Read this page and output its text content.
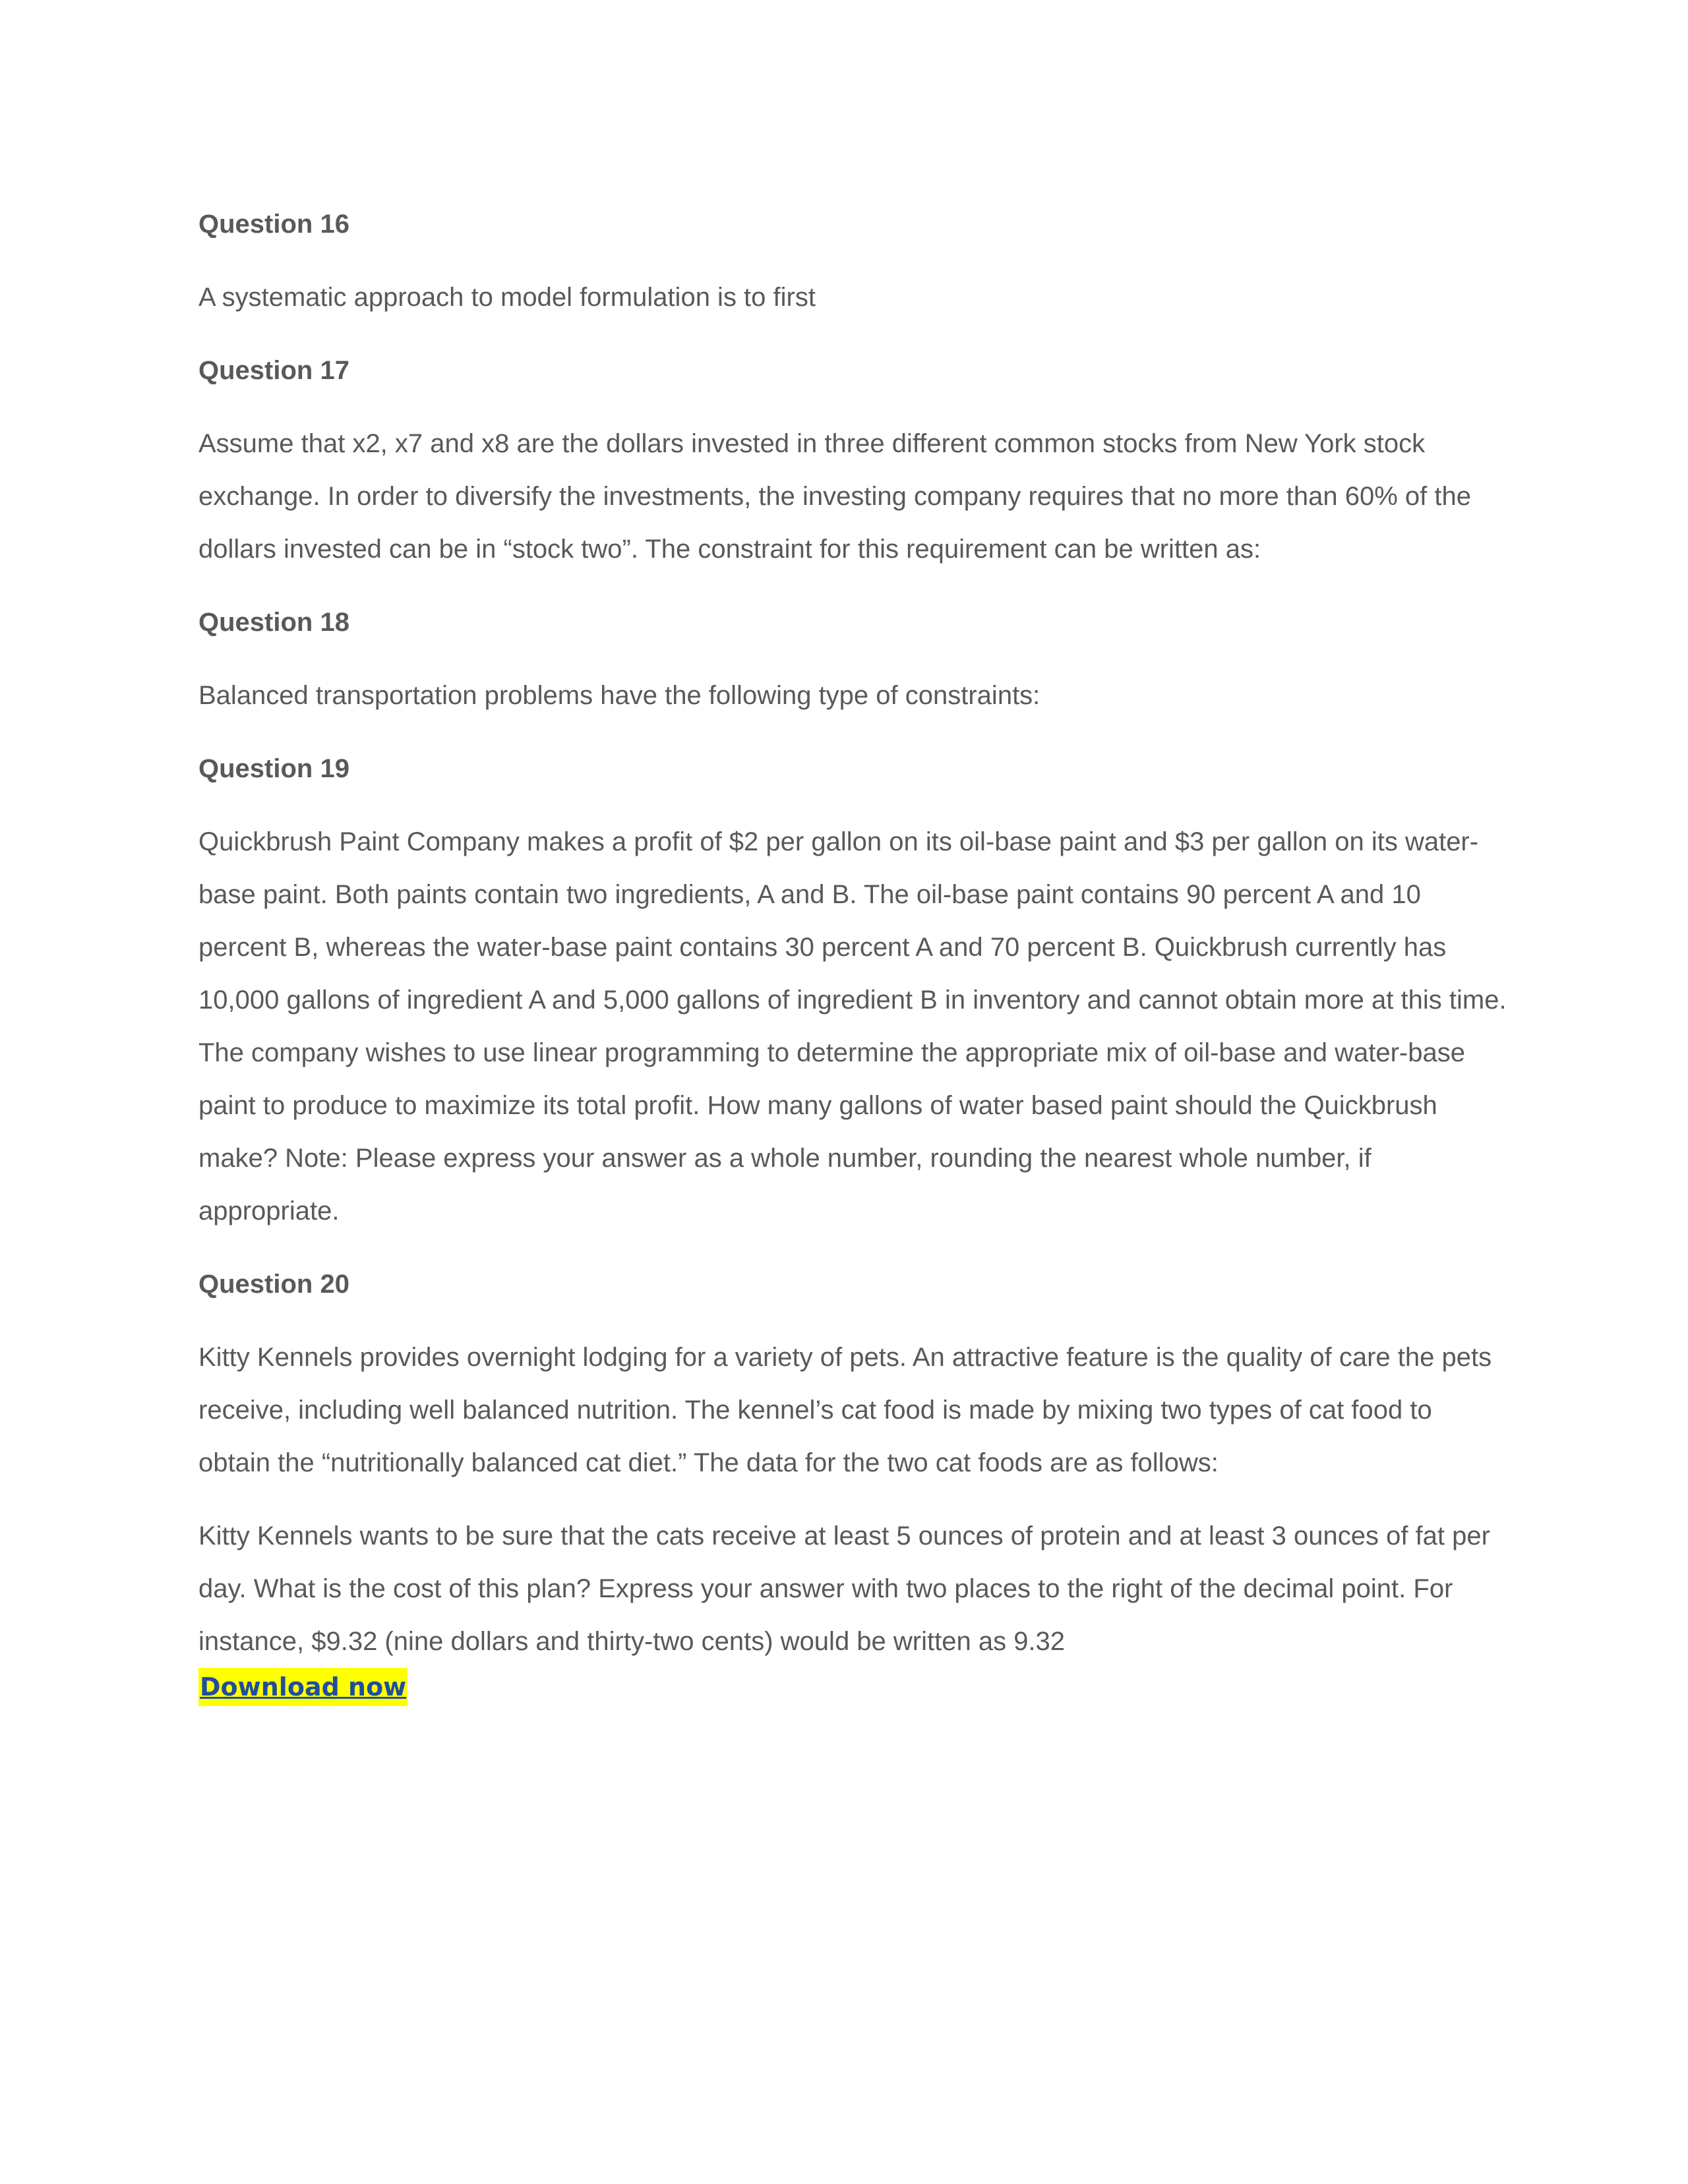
Question 16
A systematic approach to model formulation is to first
Question 17
Assume that x2, x7 and x8 are the dollars invested in three different common stocks from New York stock exchange. In order to diversify the investments, the investing company requires that no more than 60% of the dollars invested can be in “stock two”. The constraint for this requirement can be written as:
Question 18
Balanced transportation problems have the following type of constraints:
Question 19
Quickbrush Paint Company makes a profit of $2 per gallon on its oil-base paint and $3 per gallon on its water-base paint. Both paints contain two ingredients, A and B. The oil-base paint contains 90 percent A and 10 percent B, whereas the water-base paint contains 30 percent A and 70 percent B. Quickbrush currently has 10,000 gallons of ingredient A and 5,000 gallons of ingredient B in inventory and cannot obtain more at this time. The company wishes to use linear programming to determine the appropriate mix of oil-base and water-base paint to produce to maximize its total profit. How many gallons of water based paint should the Quickbrush make? Note: Please express your answer as a whole number, rounding the nearest whole number, if appropriate.
Question 20
Kitty Kennels provides overnight lodging for a variety of pets. An attractive feature is the quality of care the pets receive, including well balanced nutrition. The kennel’s cat food is made by mixing two types of cat food to obtain the “nutritionally balanced cat diet.” The data for the two cat foods are as follows:
Kitty Kennels wants to be sure that the cats receive at least 5 ounces of protein and at least 3 ounces of fat per day. What is the cost of this plan? Express your answer with two places to the right of the decimal point. For instance, $9.32 (nine dollars and thirty-two cents) would be written as 9.32
Download now
